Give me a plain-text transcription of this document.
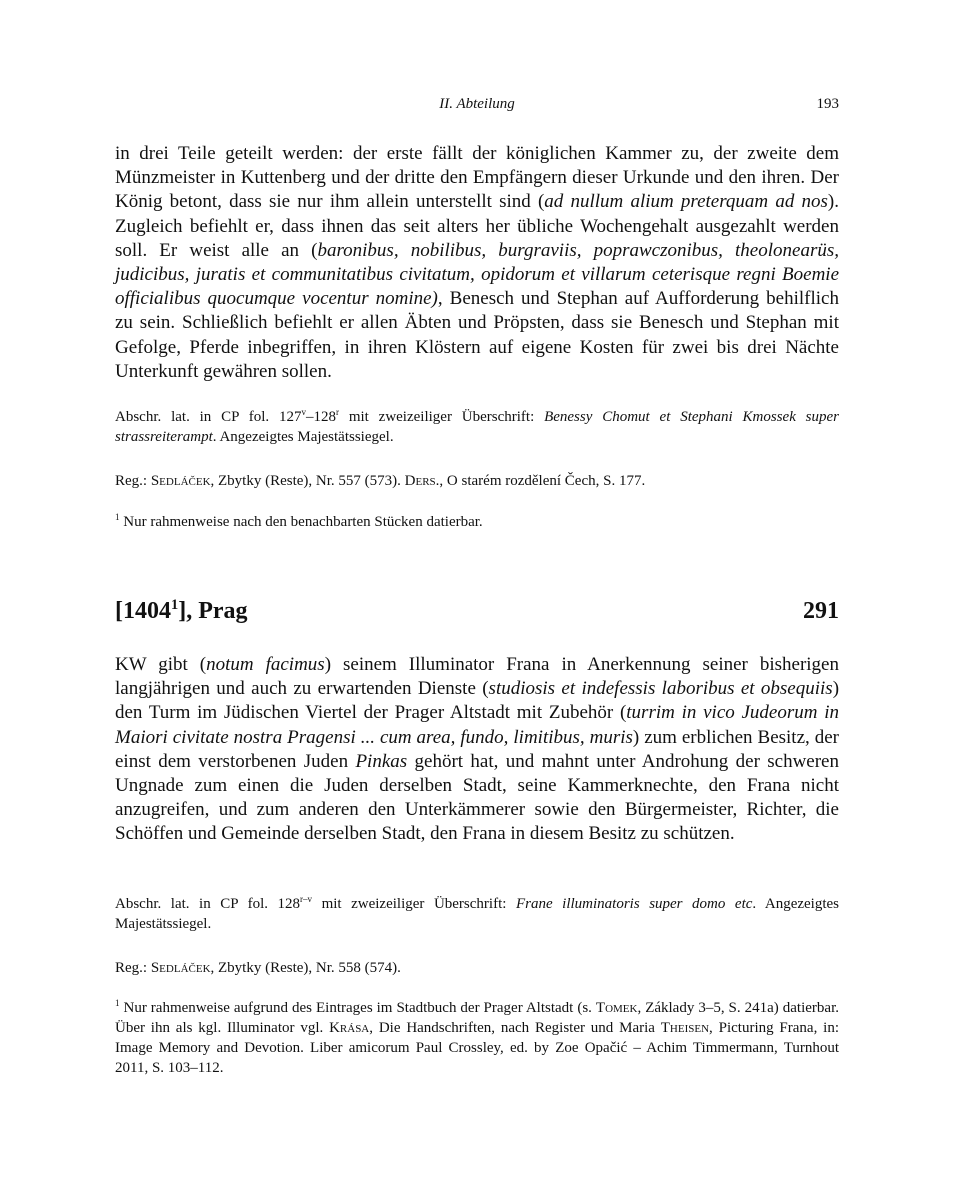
II. Abteilung	193
in drei Teile geteilt werden: der erste fällt der königlichen Kammer zu, der zweite dem Münzmeister in Kuttenberg und der dritte den Empfängern dieser Urkunde und den ihren. Der König betont, dass sie nur ihm allein unterstellt sind (ad nullum alium preterquam ad nos). Zugleich befiehlt er, dass ihnen das seit alters her übliche Wochengehalt ausgezahlt werden soll. Er weist alle an (baronibus, nobilibus, burgraviis, poprawczonibus, theolonearüs, judicibus, juratis et communitatibus civitatum, opidorum et villarum ceterisque regni Boemie officialibus quocumque vocentur nomine), Benesch und Stephan auf Aufforderung behilflich zu sein. Schließlich befiehlt er allen Äbten und Pröpsten, dass sie Benesch und Stephan mit Gefolge, Pferde inbegriffen, in ihren Klöstern auf eigene Kosten für zwei bis drei Nächte Unterkunft gewähren sollen.
Abschr. lat. in CP fol. 127$^v$–128$^r$ mit zweizeiliger Überschrift: Benessy Chomut et Stephani Kmossek super strassreiterampt. Angezeigtes Majestätssiegel.
Reg.: Sedláček, Zbytky (Reste), Nr. 557 (573). Ders., O starém rozdělení Čech, S. 177.
$^1$ Nur rahmenweise nach den benachbarten Stücken datierbar.
[1404$^1$], Prag	291
KW gibt (notum facimus) seinem Illuminator Frana in Anerkennung seiner bisherigen langjährigen und auch zu erwartenden Dienste (studiosis et indefessis laboribus et obsequiis) den Turm im Jüdischen Viertel der Prager Altstadt mit Zubehör (turrim in vico Judeorum in Maiori civitate nostra Pragensi ... cum area, fundo, limitibus, muris) zum erblichen Besitz, der einst dem verstorbenen Juden Pinkas gehört hat, und mahnt unter Androhung der schweren Ungnade zum einen die Juden derselben Stadt, seine Kammerknechte, den Frana nicht anzugreifen, und zum anderen den Unterkämmerer sowie den Bürgermeister, Richter, die Schöffen und Gemeinde derselben Stadt, den Frana in diesem Besitz zu schützen.
Abschr. lat. in CP fol. 128$^{r-v}$ mit zweizeiliger Überschrift: Frane illuminatoris super domo etc. Angezeigtes Majestätssiegel.
Reg.: Sedláček, Zbytky (Reste), Nr. 558 (574).
$^1$ Nur rahmenweise aufgrund des Eintrages im Stadtbuch der Prager Altstadt (s. Tomek, Základy 3–5, S. 241a) datierbar. Über ihn als kgl. Illuminator vgl. Krása, Die Handschriften, nach Register und Maria Theisen, Picturing Frana, in: Image Memory and Devotion. Liber amicorum Paul Crossley, ed. by Zoe Opačić – Achim Timmermann, Turnhout 2011, S. 103–112.
